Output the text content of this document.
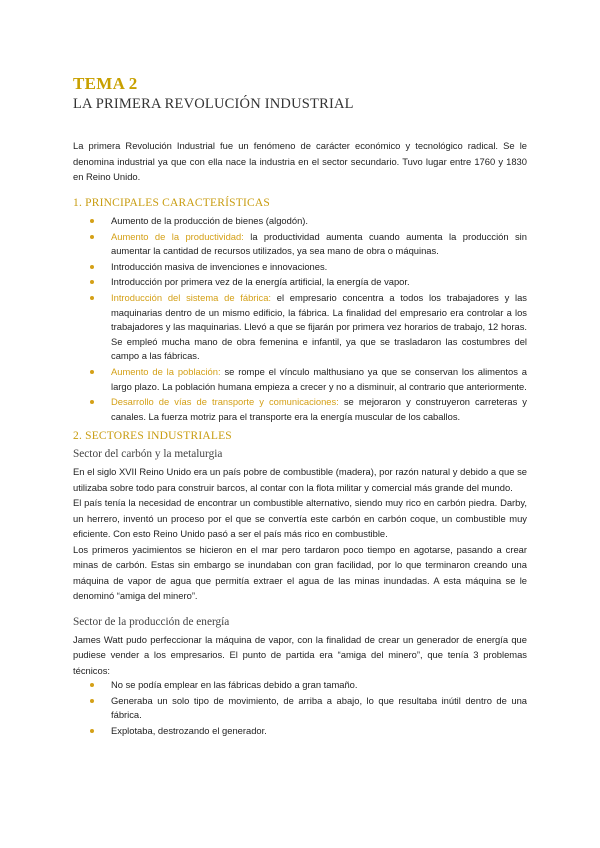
TEMA 2
LA PRIMERA REVOLUCIÓN INDUSTRIAL

La primera Revolución Industrial fue un fenómeno de carácter económico y tecnológico radical. Se le denomina industrial ya que con ella nace la industria en el sector secundario. Tuvo lugar entre 1760 y 1830 en Reino Unido.

1. PRINCIPALES CARACTERÍSTICAS
Aumento de la producción de bienes (algodón).
Aumento de la productividad: la productividad aumenta cuando aumenta la producción sin aumentar la cantidad de recursos utilizados, ya sea mano de obra o máquinas.
Introducción masiva de invenciones e innovaciones.
Introducción por primera vez de la energía artificial, la energía de vapor.
Introducción del sistema de fábrica: el empresario concentra a todos los trabajadores y las maquinarias dentro de un mismo edificio, la fábrica. La finalidad del empresario era controlar a los trabajadores y las maquinarias. Llevó a que se fijarán por primera vez horarios de trabajo, 12 horas. Se empleó mucha mano de obra femenina e infantil, ya que se trasladaron las costumbres del campo a las fábricas.
Aumento de la población: se rompe el vínculo malthusiano ya que se conservan los alimentos a largo plazo. La población humana empieza a crecer y no a disminuir, al contrario que anteriormente.
Desarrollo de vías de transporte y comunicaciones: se mejoraron y construyeron carreteras y canales. La fuerza motriz para el transporte era la energía muscular de los caballos.
2. SECTORES INDUSTRIALES
Sector del carbón y la metalurgia

En el siglo XVII Reino Unido era un país pobre de combustible (madera), por razón natural y debido a que se utilizaba sobre todo para construir barcos, al contar con la flota militar y comercial más grande del mundo.

El país tenía la necesidad de encontrar un combustible alternativo, siendo muy rico en carbón piedra. Darby, un herrero, inventó un proceso por el que se convertía este carbón en carbón coque, un combustible muy eficiente. Con esto Reino Unido pasó a ser el país más rico en combustible.

Los primeros yacimientos se hicieron en el mar pero tardaron poco tiempo en agotarse, pasando a crear minas de carbón. Estas sin embargo se inundaban con gran facilidad, por lo que terminaron creando una máquina de vapor de agua que permitía extraer el agua de las minas inundadas. A esta máquina se le denominó “amiga del minero”.

Sector de la producción de energía

James Watt pudo perfeccionar la máquina de vapor, con la finalidad de crear un generador de energía que pudiese vender a los empresarios. El punto de partida era “amiga del minero”, que tenía 3 problemas técnicos:

No se podía emplear en las fábricas debido a gran tamaño.
Generaba un solo tipo de movimiento, de arriba a abajo, lo que resultaba inútil dentro de una fábrica.
Explotaba, destrozando el generador.
